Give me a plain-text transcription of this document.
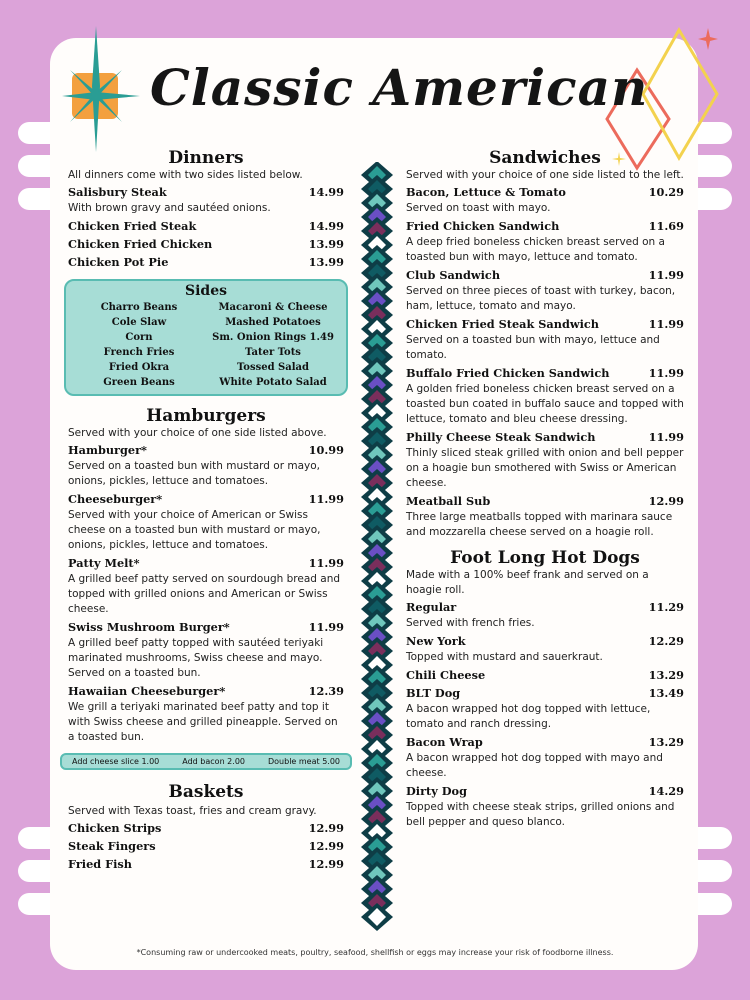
Classic American
Dinners
All dinners come with two sides listed below.
Salisbury Steak	14.99
With brown gravy and sautéed onions.
Chicken Fried Steak	14.99
Chicken Fried Chicken	13.99
Chicken Pot Pie	13.99
Sides
Charro Beans	Macaroni & Cheese
Cole Slaw	Mashed Potatoes
Corn	Sm. Onion Rings 1.49
French Fries	Tater Tots
Fried Okra	Tossed Salad
Green Beans	White Potato Salad
Hamburgers
Served with your choice of one side listed above.
Hamburger*	10.99
Served on a toasted bun with mustard or mayo, onions, pickles, lettuce and tomatoes.
Cheeseburger*	11.99
Served with your choice of American or Swiss cheese on a toasted bun with mustard or mayo, onions, pickles, lettuce and tomatoes.
Patty Melt*	11.99
A grilled beef patty served on sourdough bread and topped with grilled onions and American or Swiss cheese.
Swiss Mushroom Burger*	11.99
A grilled beef patty topped with sautéed teriyaki marinated mushrooms, Swiss cheese and mayo. Served on a toasted bun.
Hawaiian Cheeseburger*	12.39
We grill a teriyaki marinated beef patty and top it with Swiss cheese and grilled pineapple. Served on a toasted bun.
Add cheese slice 1.00	Add bacon 2.00	Double meat 5.00
Baskets
Served with Texas toast, fries and cream gravy.
Chicken Strips	12.99
Steak Fingers	12.99
Fried Fish	12.99
Sandwiches
Served with your choice of one side listed to the left.
Bacon, Lettuce & Tomato	10.29
Served on toast with mayo.
Fried Chicken Sandwich	11.69
A deep fried boneless chicken breast served on a toasted bun with mayo, lettuce and tomato.
Club Sandwich	11.99
Served on three pieces of toast with turkey, bacon, ham, lettuce, tomato and mayo.
Chicken Fried Steak Sandwich	11.99
Served on a toasted bun with mayo, lettuce and tomato.
Buffalo Fried Chicken Sandwich	11.99
A golden fried boneless chicken breast served on a toasted bun coated in buffalo sauce and topped with lettuce, tomato and bleu cheese dressing.
Philly Cheese Steak Sandwich	11.99
Thinly sliced steak grilled with onion and bell pepper on a hoagie bun smothered with Swiss or American cheese.
Meatball Sub	12.99
Three large meatballs topped with marinara sauce and mozzarella cheese served on a hoagie roll.
Foot Long Hot Dogs
Made with a 100% beef frank and served on a hoagie roll.
Regular	11.29
Served with french fries.
New York	12.29
Topped with mustard and sauerkraut.
Chili Cheese	13.29
BLT Dog	13.49
A bacon wrapped hot dog topped with lettuce, tomato and ranch dressing.
Bacon Wrap	13.29
A bacon wrapped hot dog topped with mayo and cheese.
Dirty Dog	14.29
Topped with cheese steak strips, grilled onions and bell pepper and queso blanco.
*Consuming raw or undercooked meats, poultry, seafood, shellfish or eggs may increase your risk of foodborne illness.
